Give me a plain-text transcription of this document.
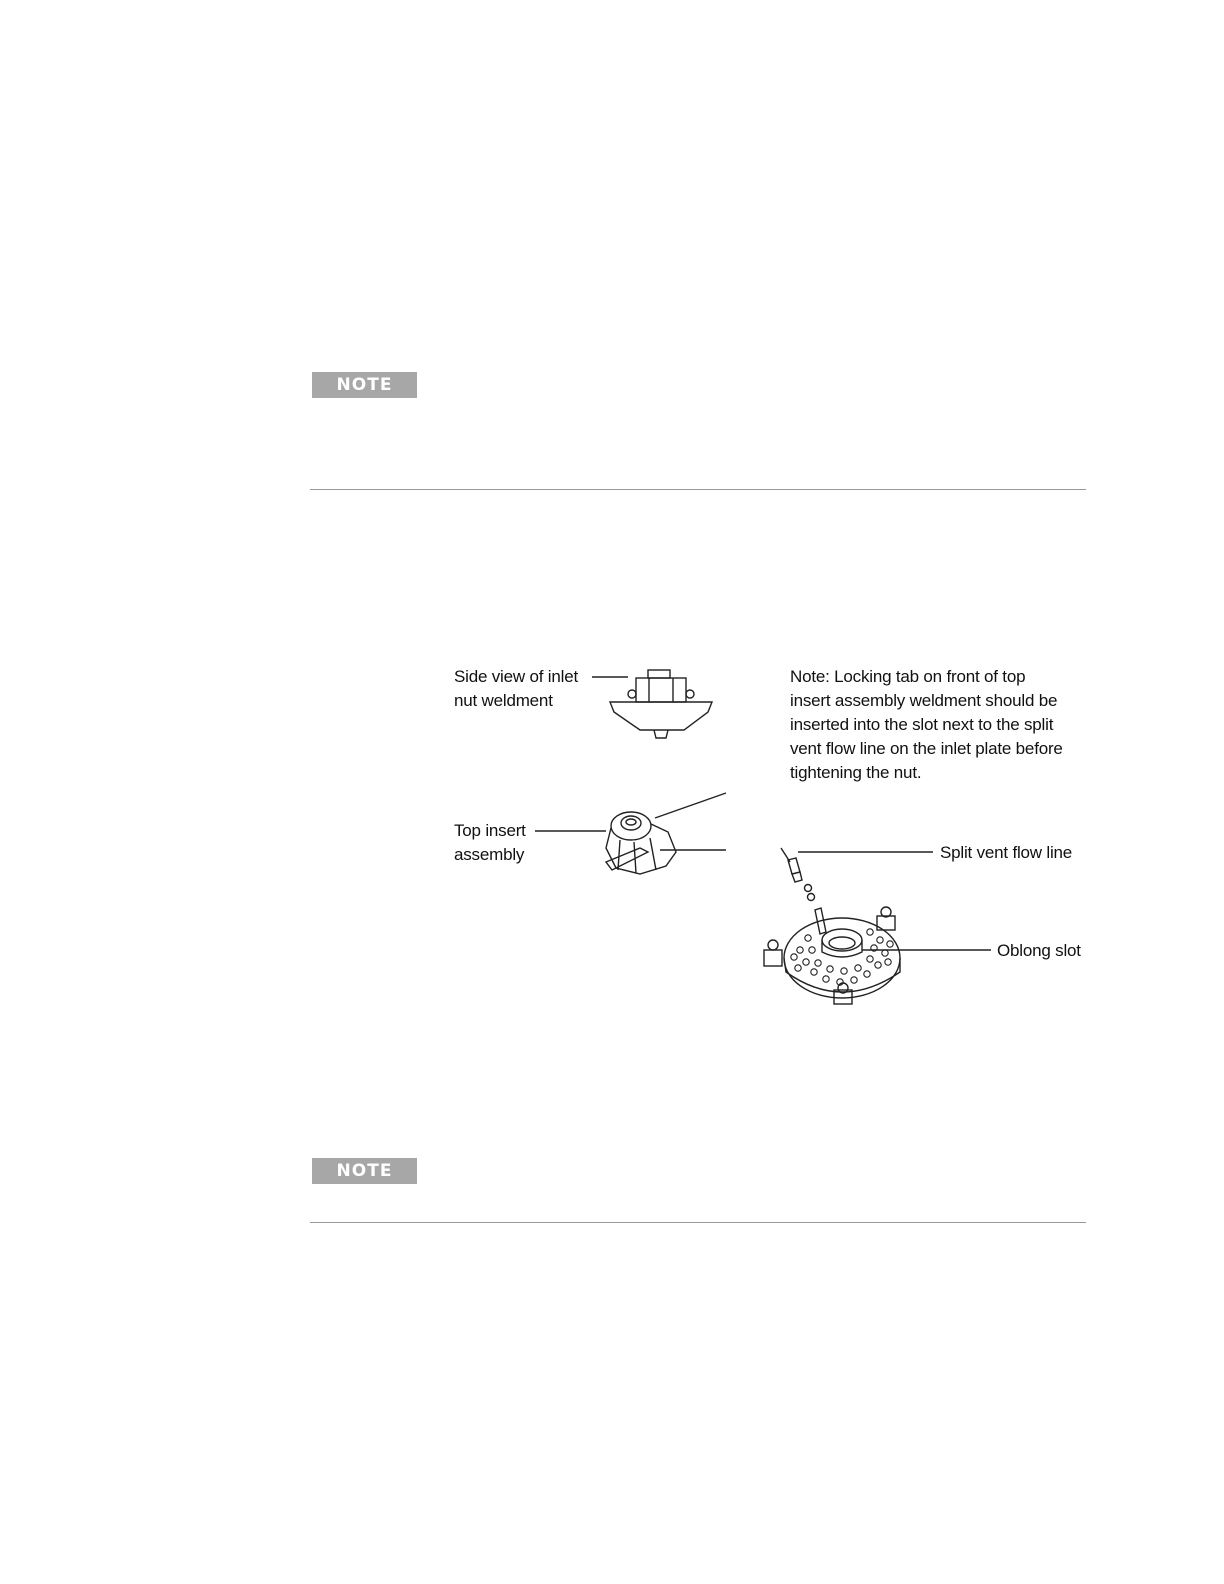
NOTE
Side view of inlet
nut weldment
Note: Locking tab on front of top
insert assembly weldment should be
inserted into the slot next to the split
vent flow line on the inlet plate before
tightening the nut.
Top insert
assembly	Split vent flow line
Oblong slot
NOTE
